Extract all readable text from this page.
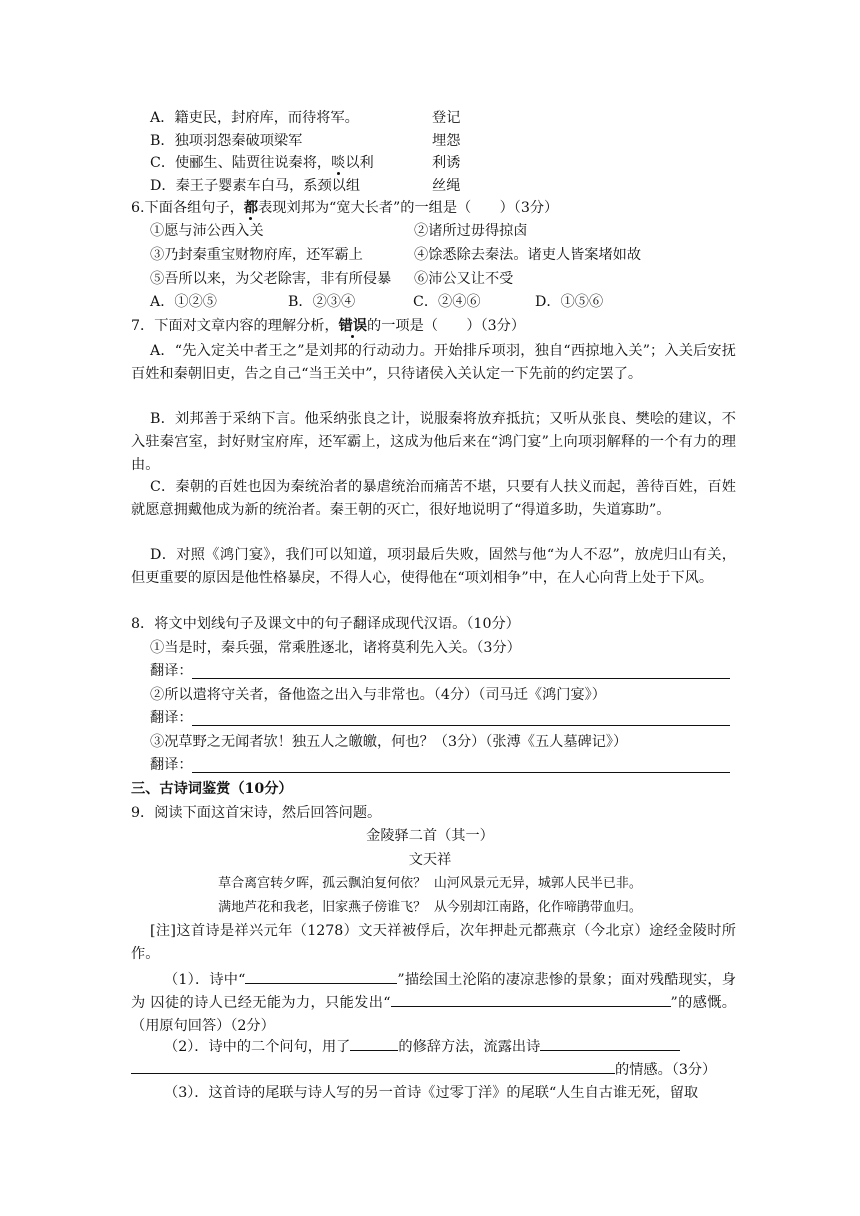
A．籍吏民，封府库，而待将军。	登记
B．独项羽怨秦破项梁军	埋怨
C．使郦生、陆贾往说秦将，啖以利	利诱
D．秦王子婴素车白马，系颈以组	丝绳
6.下面各组句子，都表现刘邦为“宽大长者”的一组是（　　）（3分）
①愿与沛公西入关	②诸所过毋得掠卤
③乃封秦重宝财物府库，还军霸上	④馀悉除去秦法。诸吏人皆案堵如故
⑤吾所以来，为父老除害，非有所侵暴 ⑥沛公又让不受
A．①②⑤	B．②③④	C．②④⑥	D．①⑤⑥
7．下面对文章内容的理解分析，错误的一项是（　　）（3分）
A．“先入定关中者王之”是刘邦的行动动力。开始排斥项羽，独自“西掠地入关”；入关后安抚百姓和秦朝旧吏，告之自己“当王关中”，只待诸侯入关认定一下先前的约定罢了。
B．刘邦善于采纳下言。他采纳张良之计，说服秦将放弃抵抗；又听从张良、樊哙的建议，不入驻秦宫室，封好财宝府库，还军霸上，这成为他后来在“鸿门宴”上向项羽解释的一个有力的理由。
C．秦朝的百姓也因为秦统治者的暴虐统治而痛苦不堪，只要有人扶义而起，善待百姓，百姓就愿意拥戴他成为新的统治者。秦王朝的灭亡，很好地说明了“得道多助，失道寡助”。
D．对照《鸿门宴》，我们可以知道，项羽最后失败，固然与他“为人不忍”，放虎归山有关，但更重要的原因是他性格暴戾，不得人心，使得他在“项刘相争”中，在人心向背上处于下风。
8．将文中划线句子及课文中的句子翻译成现代汉语。（10分）
①当是时，秦兵强，常乘胜逐北，诸将莫利先入关。（3分）
翻译：
②所以遣将守关者，备他盗之出入与非常也。（4分）（司马迁《鸿门宴》）
翻译：
③况草野之无闻者欤！独五人之皦皦，何也？（3分）（张溥《五人墓碑记》）
翻译：
三、古诗词鉴赏（10分）
9．阅读下面这首宋诗，然后回答问题。
金陵驿二首（其一）
文天祥
草合离宫转夕晖，孤云飘泊复何依？ 山河风景元无异，城郭人民半已非。
满地芦花和我老，旧家燕子傍谁飞？ 从今别却江南路，化作啼鹃带血归。
[注]这首诗是祥兴元年（1278）文天祥被俘后，次年押赴元都燕京（今北京）途经金陵时所作。
（1）．诗中“	”描绘国土沦陷的凄凉悲惨的景象；面对残酷现实，身为 囚徒的诗人已经无能为力，只能发出“	”的感慨。（用原句回答）（2分）
（2）．诗中的二个问句，用了	的修辞方法，流露出诗
的情感。（3分）
（3）．这首诗的尾联与诗人写的另一首诗《过零丁洋》的尾联“人生自古谁无死，留取
